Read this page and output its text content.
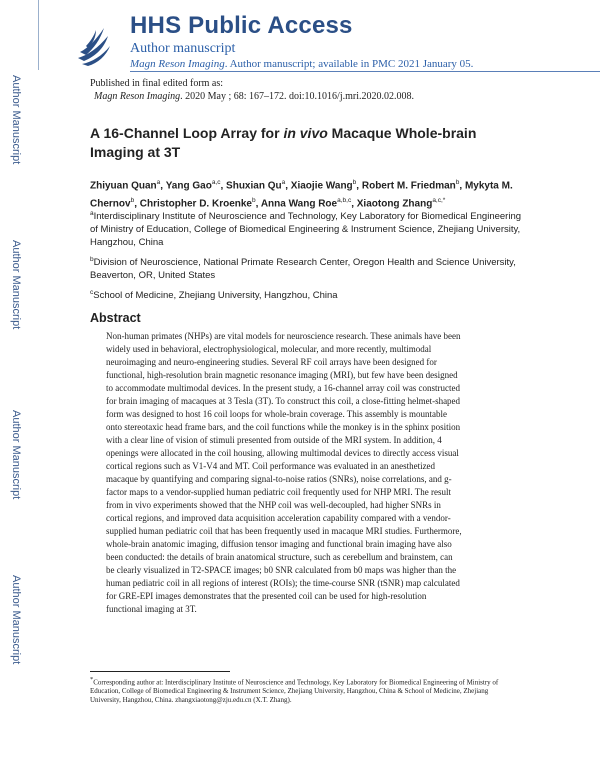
Author Manuscript
Author Manuscript
Author Manuscript
Author Manuscript
HHS Public Access
Author manuscript
Magn Reson Imaging. Author manuscript; available in PMC 2021 January 05.
Published in final edited form as:
Magn Reson Imaging. 2020 May ; 68: 167–172. doi:10.1016/j.mri.2020.02.008.
A 16-Channel Loop Array for in vivo Macaque Whole-brain Imaging at 3T
Zhiyuan Quan$^a$, Yang Gao$^{a,c}$, Shuxian Qu$^a$, Xiaojie Wang$^b$, Robert M. Friedman$^b$, Mykyta M. Chernov$^b$, Christopher D. Kroenke$^b$, Anna Wang Roe$^{a,b,c}$, Xiaotong Zhang$^{a,c,*}$
$^a$Interdisciplinary Institute of Neuroscience and Technology, Key Laboratory for Biomedical Engineering of Ministry of Education, College of Biomedical Engineering & Instrument Science, Zhejiang University, Hangzhou, China
$^b$Division of Neuroscience, National Primate Research Center, Oregon Health and Science University, Beaverton, OR, United States
$^c$School of Medicine, Zhejiang University, Hangzhou, China
Abstract
Non-human primates (NHPs) are vital models for neuroscience research. These animals have been
widely used in behavioral, electrophysiological, molecular, and more recently, multimodal
neuroimaging and neuro-engineering studies. Several RF coil arrays have been designed for
functional, high-resolution brain magnetic resonance imaging (MRI), but few have been designed
to accommodate multimodal devices. In the present study, a 16-channel array coil was constructed
for brain imaging of macaques at 3 Tesla (3T). To construct this coil, a close-fitting helmet-shaped
form was designed to host 16 coil loops for whole-brain coverage. This assembly is mountable
onto stereotaxic head frame bars, and the coil functions while the monkey is in the sphinx position
with a clear line of vision of stimuli presented from outside of the MRI system. In addition, 4
openings were allocated in the coil housing, allowing multimodal devices to directly access visual
cortical regions such as V1-V4 and MT. Coil performance was evaluated in an anesthetized
macaque by quantifying and comparing signal-to-noise ratios (SNRs), noise correlations, and g-
factor maps to a vendor-supplied human pediatric coil frequently used for NHP MRI. The result
from in vivo experiments showed that the NHP coil was well-decoupled, had higher SNRs in
cortical regions, and improved data acquisition acceleration capability compared with a vendor-
supplied human pediatric coil that has been frequently used in macaque MRI studies. Furthermore,
whole-brain anatomic imaging, diffusion tensor imaging and functional brain imaging have also
been conducted: the details of brain anatomical structure, such as cerebellum and brainstem, can
be clearly visualized in T2-SPACE images; b0 SNR calculated from b0 maps was higher than the
human pediatric coil in all regions of interest (ROIs); the time-course SNR (tSNR) map calculated
for GRE-EPI images demonstrates that the presented coil can be used for high-resolution
functional imaging at 3T.
*Corresponding author at: Interdisciplinary Institute of Neuroscience and Technology, Key Laboratory for Biomedical Engineering of Ministry of Education, College of Biomedical Engineering & Instrument Science, Zhejiang University, Hangzhou, China & School of Medicine, Zhejiang University, Hangzhou, China. zhangxiaotong@zju.edu.cn (X.T. Zhang).
